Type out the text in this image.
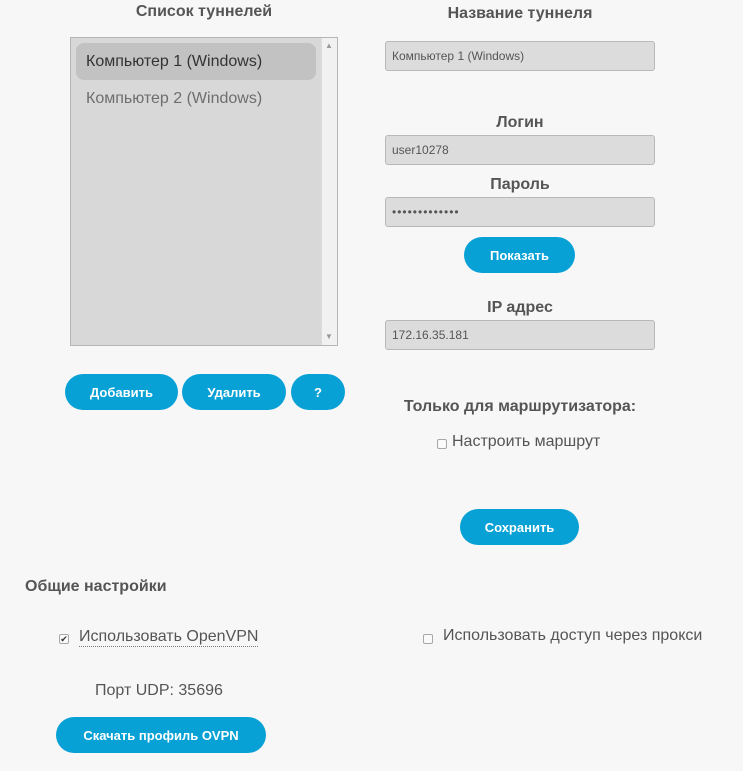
Список туннелей
Компьютер 1 (Windows)
Компьютер 2 (Windows)
▲
▼
Добавить	Удалить	?
Название туннеля
Компьютер 1 (Windows)
Логин
user10278
Пароль
•••••••••••••
Показать
IP адрес
172.16.35.181
Только для маршрутизатора:
Настроить маршрут
Сохранить
Общие настройки
✔ Использовать OpenVPN	Использовать доступ через прокси
Порт UDP: 35696
Скачать профиль OVPN
